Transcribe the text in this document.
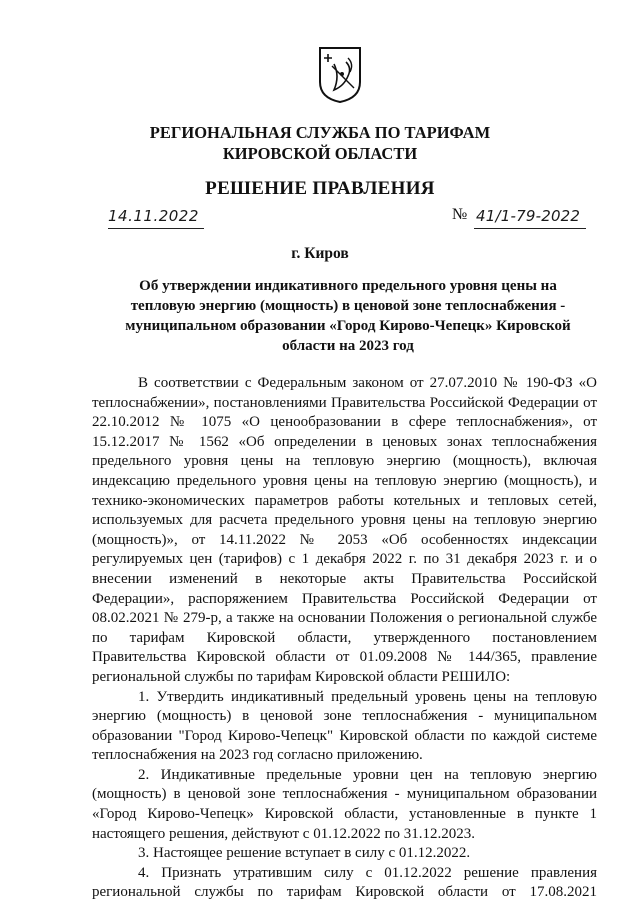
РЕГИОНАЛЬНАЯ СЛУЖБА ПО ТАРИФАМ
КИРОВСКОЙ ОБЛАСТИ
РЕШЕНИЕ ПРАВЛЕНИЯ
14.11.2022	№ 41/1-79-2022
г. Киров
Об утверждении индикативного предельного уровня цены на тепловую энергию (мощность) в ценовой зоне теплоснабжения - муниципальном образовании «Город Кирово-Чепецк» Кировской области на 2023 год

В соответствии с Федеральным законом от 27.07.2010 № 190-ФЗ «О теплоснабжении», постановлениями Правительства Российской Федерации от 22.10.2012 № 1075 «О ценообразовании в сфере теплоснабжения», от 15.12.2017 № 1562 «Об определении в ценовых зонах теплоснабжения предельного уровня цены на тепловую энергию (мощность), включая индексацию предельного уровня цены на тепловую энергию (мощность), и технико-экономических параметров работы котельных и тепловых сетей, используемых для расчета предельного уровня цены на тепловую энергию (мощность)», от 14.11.2022 № 2053 «Об особенностях индексации регулируемых цен (тарифов) с 1 декабря 2022 г. по 31 декабря 2023 г. и о внесении изменений в некоторые акты Правительства Российской Федерации», распоряжением Правительства Российской Федерации от 08.02.2021 № 279-р, а также на основании Положения о региональной службе по тарифам Кировской области, утвержденного постановлением Правительства Кировской области от 01.09.2008 № 144/365, правление региональной службы по тарифам Кировской области РЕШИЛО:

1. Утвердить индикативный предельный уровень цены на тепловую энергию (мощность) в ценовой зоне теплоснабжения - муниципальном образовании "Город Кирово-Чепецк" Кировской области по каждой системе теплоснабжения на 2023 год согласно приложению.

2. Индикативные предельные уровни цен на тепловую энергию (мощность) в ценовой зоне теплоснабжения - муниципальном образовании «Город Кирово-Чепецк» Кировской области, установленные в пункте 1 настоящего решения, действуют с 01.12.2022 по 31.12.2023.

3. Настоящее решение вступает в силу с 01.12.2022.

4. Признать утратившим силу с 01.12.2022 решение правления региональной службы по тарифам Кировской области от 17.08.2021
